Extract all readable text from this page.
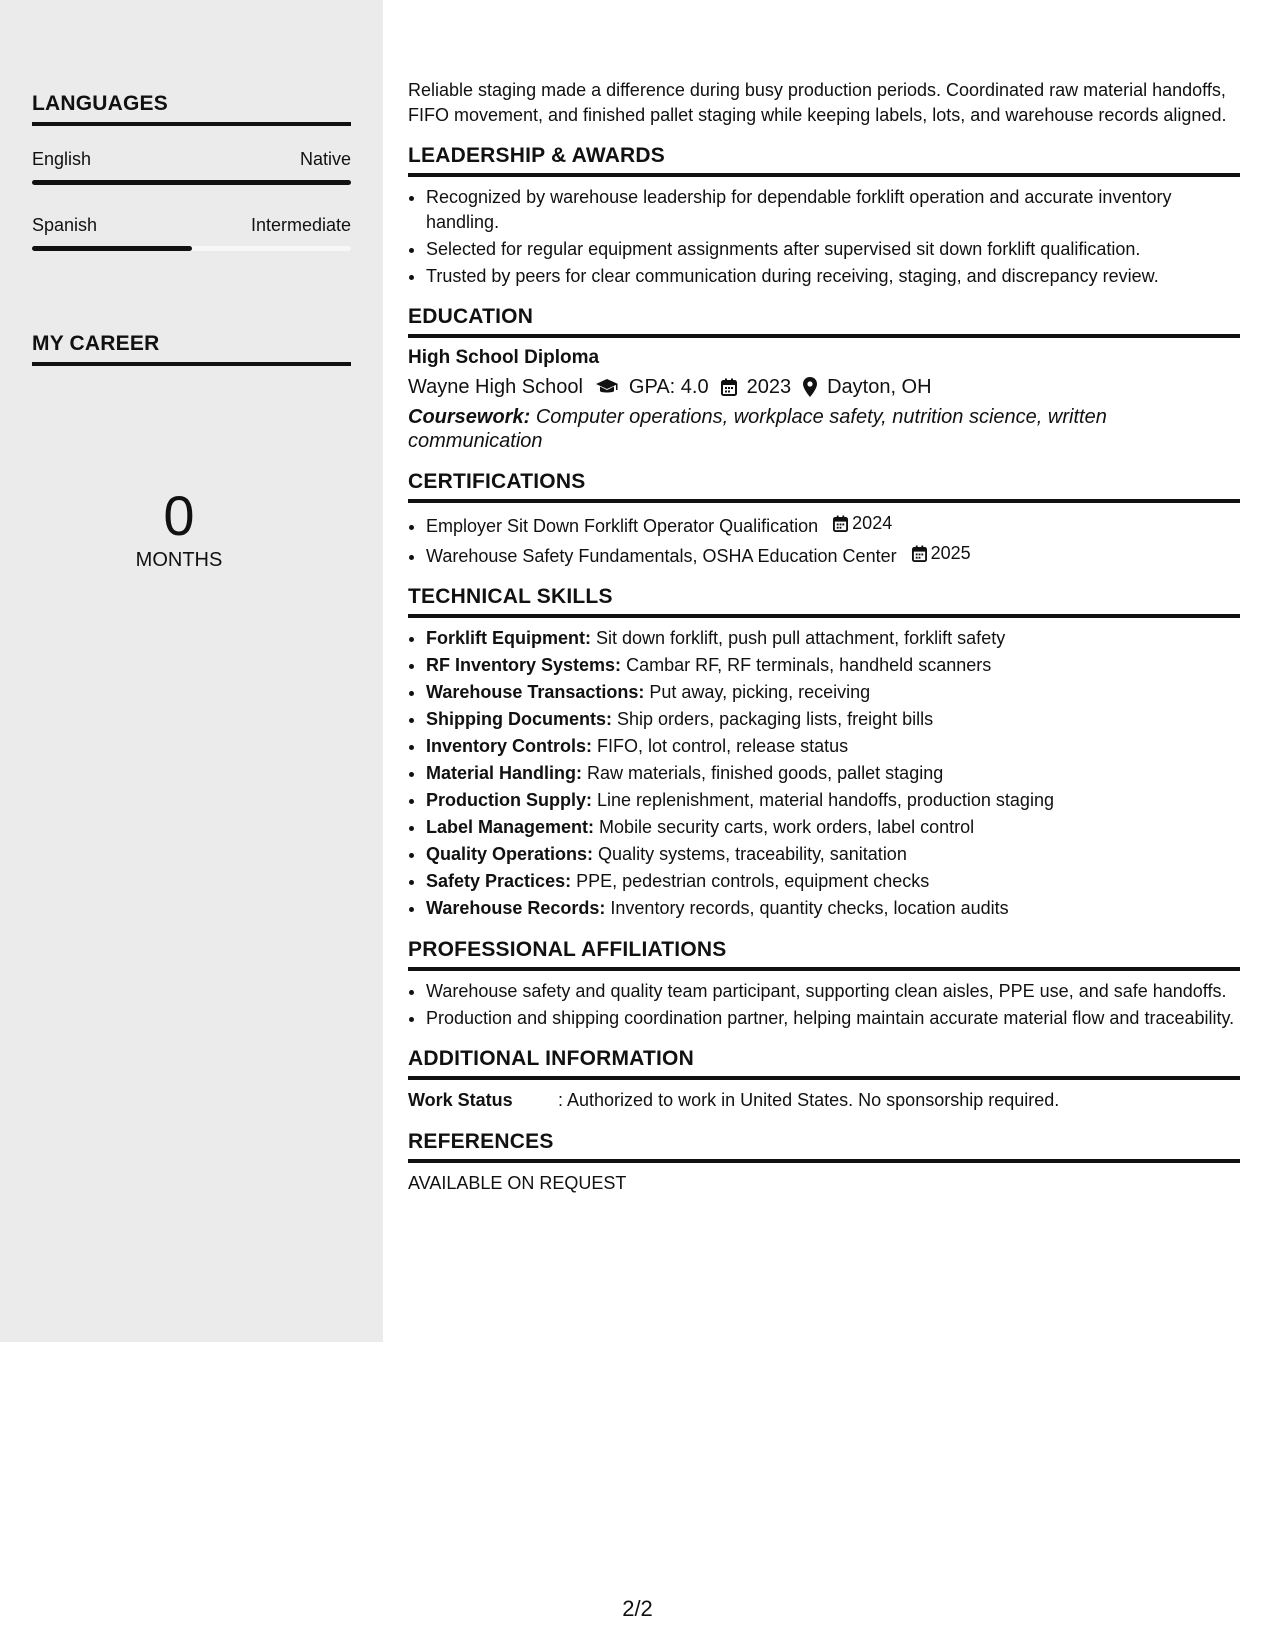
LANGUAGES
English	Native
Spanish	Intermediate
MY CAREER
0
MONTHS

Reliable staging made a difference during busy production periods. Coordinated raw material handoffs, FIFO movement, and finished pallet staging while keeping labels, lots, and warehouse records aligned.

LEADERSHIP & AWARDS
• Recognized by warehouse leadership for dependable forklift operation and accurate inventory handling.
• Selected for regular equipment assignments after supervised sit down forklift qualification.
• Trusted by peers for clear communication during receiving, staging, and discrepancy review.
EDUCATION
High School Diploma
Wayne High School GPA: 4.0 2023 Dayton, OH
Coursework: Computer operations, workplace safety, nutrition science, written communication
CERTIFICATIONS
• Employer Sit Down Forklift Operator Qualification 2024
• Warehouse Safety Fundamentals, OSHA Education Center 2025
TECHNICAL SKILLS
• Forklift Equipment: Sit down forklift, push pull attachment, forklift safety
• RF Inventory Systems: Cambar RF, RF terminals, handheld scanners
• Warehouse Transactions: Put away, picking, receiving
• Shipping Documents: Ship orders, packaging lists, freight bills
• Inventory Controls: FIFO, lot control, release status
• Material Handling: Raw materials, finished goods, pallet staging
• Production Supply: Line replenishment, material handoffs, production staging
• Label Management: Mobile security carts, work orders, label control
• Quality Operations: Quality systems, traceability, sanitation
• Safety Practices: PPE, pedestrian controls, equipment checks
• Warehouse Records: Inventory records, quantity checks, location audits
PROFESSIONAL AFFILIATIONS
• Warehouse safety and quality team participant, supporting clean aisles, PPE use, and safe handoffs.
• Production and shipping coordination partner, helping maintain accurate material flow and traceability.
ADDITIONAL INFORMATION
Work Status	: Authorized to work in United States. No sponsorship required.
REFERENCES
AVAILABLE ON REQUEST
2/2
